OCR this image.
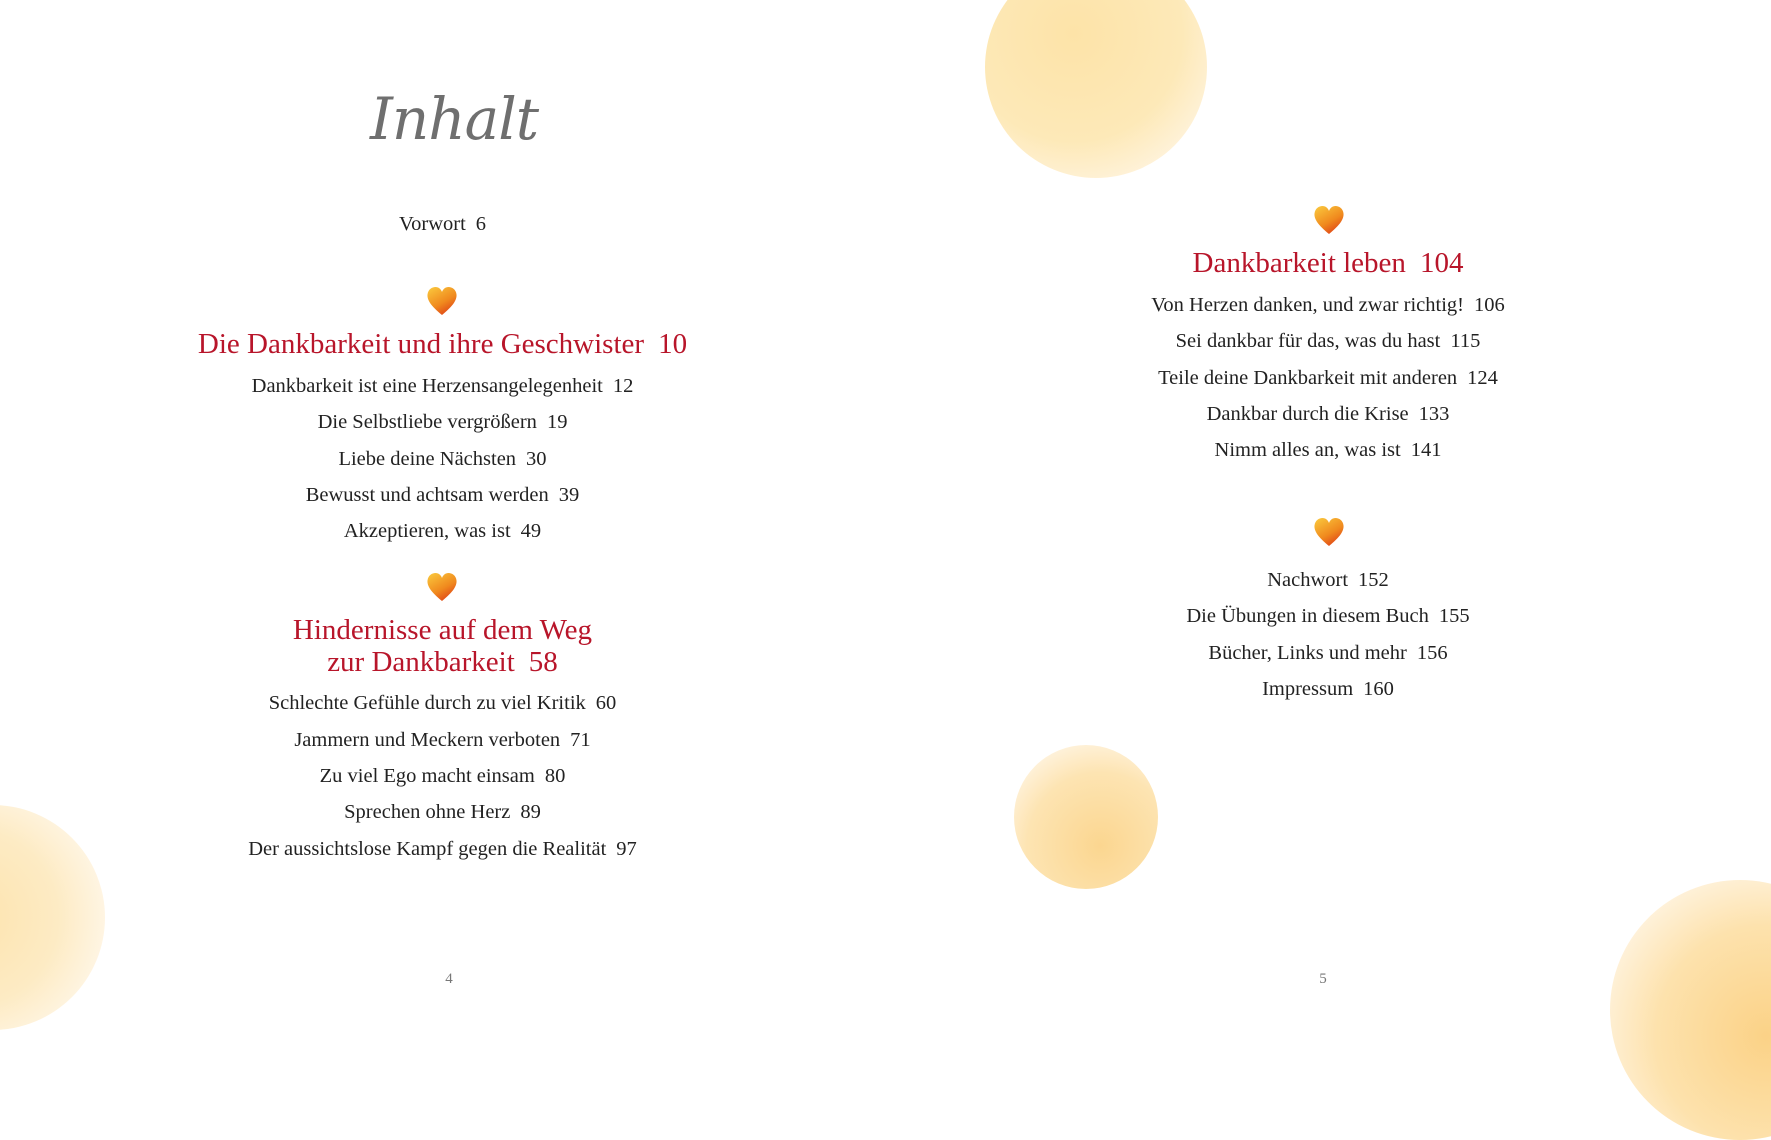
Inhalt
Vorwort 6
Die Dankbarkeit und ihre Geschwister 10
Dankbarkeit ist eine Herzensangelegenheit 12
Die Selbstliebe vergrößern 19
Liebe deine Nächsten 30
Bewusst und achtsam werden 39
Akzeptieren, was ist 49
Hindernisse auf dem Weg
zur Dankbarkeit 58
Schlechte Gefühle durch zu viel Kritik 60
Jammern und Meckern verboten 71
Zu viel Ego macht einsam 80
Sprechen ohne Herz 89
Der aussichtslose Kampf gegen die Realität 97
4
Dankbarkeit leben 104
Von Herzen danken, und zwar richtig! 106
Sei dankbar für das, was du hast 115
Teile deine Dankbarkeit mit anderen 124
Dankbar durch die Krise 133
Nimm alles an, was ist 141
Nachwort 152
Die Übungen in diesem Buch 155
Bücher, Links und mehr 156
Impressum 160
5
